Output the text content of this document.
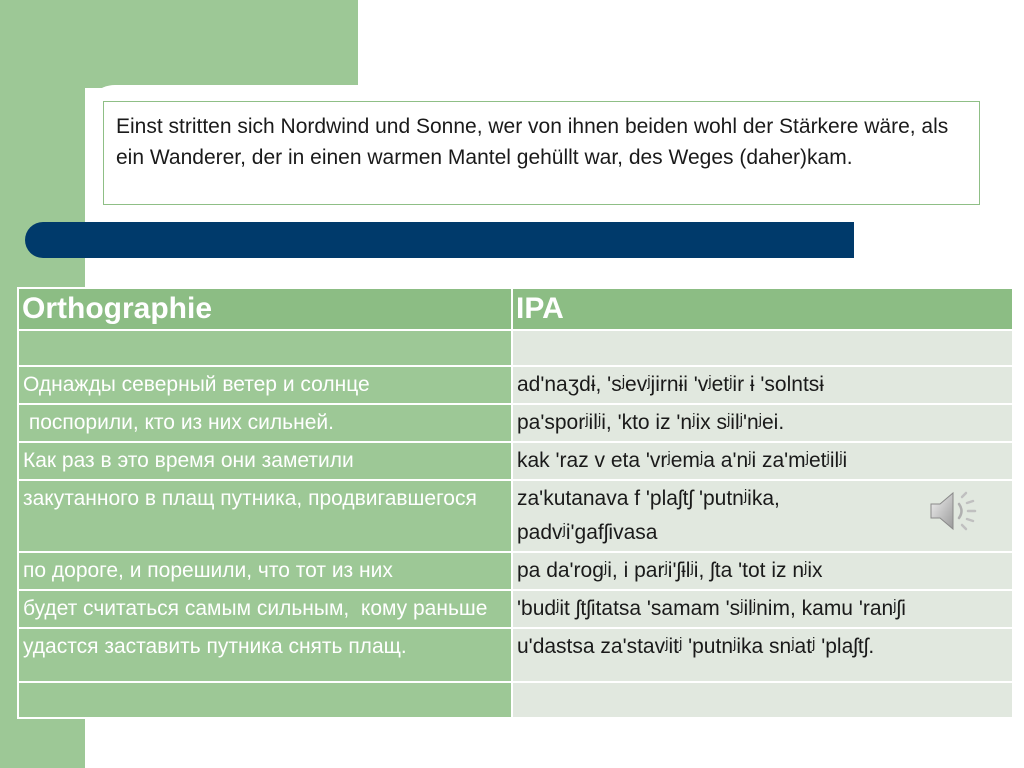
Einst stritten sich Nordwind und Sonne, wer von ihnen beiden wohl der Stärkere wäre, als ein Wanderer, der in einen warmen Mantel gehüllt war, des Weges (daher)kam.
Orthographie	IPA

Однажды северный ветер и солнце	ad'naʒdɨ, 'sʲevʲjirnɨi 'vʲetʲir ɨ 'solntsɨ
поспорили, кто из них сильней.	pa'sporʲilʲi, 'kto iz 'nʲix sʲilʲ'nʲei.
Как раз в это время они заметили	kak 'raz v eta 'vrʲemʲa a'nʲi za'mʲetʲilʲi
закутанного в плащ путника, продвигавшегося	za'kutanava f 'plaʃtʃ 'putnʲika, padvʲi'gafʃivasa
по дороге, и порешили, что тот из них	pa da'rogʲi, i parʲi'ʃɨlʲi, ʃta 'tot iz nʲix
будет считаться самым сильным,  кому раньше	'budʲit ʃtʃitatsa 'samam 'sʲilʲnim, kamu 'ranʲʃi
удастся заставить путника снять плащ.	u'dastsa za'stavʲitʲ 'putnʲika snʲatʲ 'plaʃtʃ.
